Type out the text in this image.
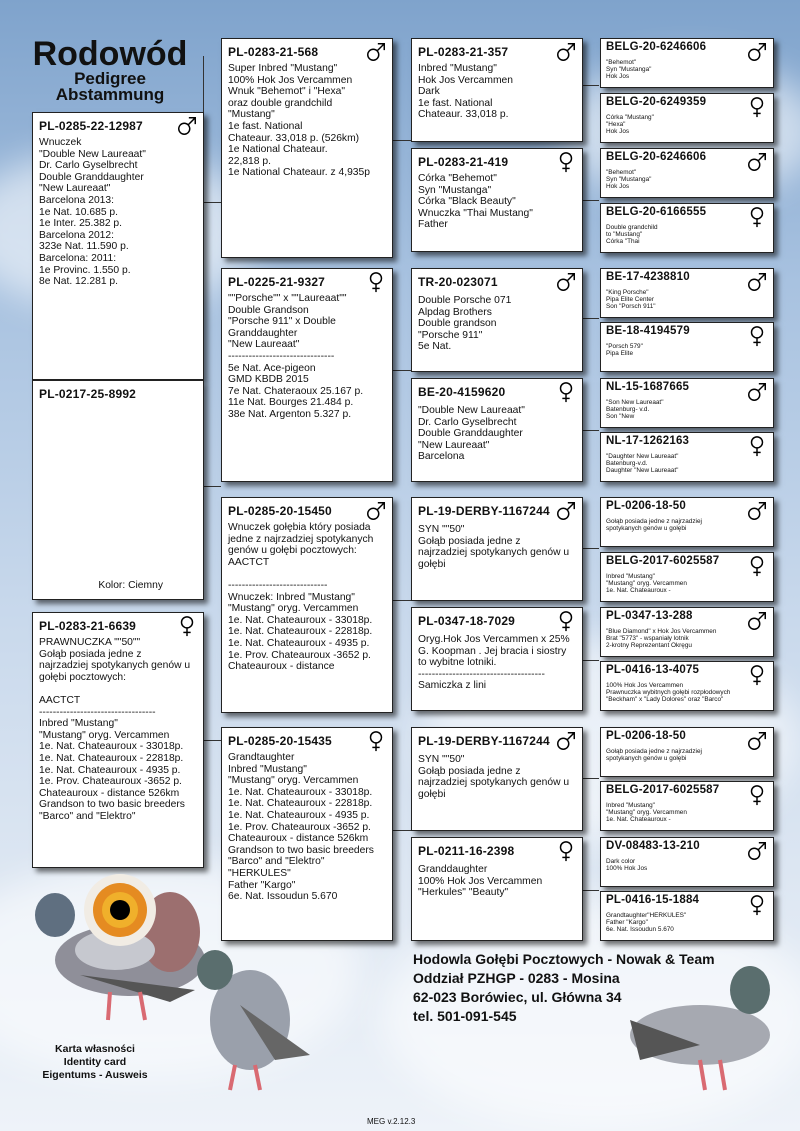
Rodowód
Pedigree
Abstammung
PL-0285-22-12987
Wnuczek
"Double New Laureaat"
Dr. Carlo Gyselbrecht
Double Granddaughter
"New Laureaat"
Barcelona 2013:
1e Nat. 10.685 p.
1e Inter. 25.382 p.
Barcelona 2012:
323e Nat. 11.590 p.
Barcelona: 2011:
1e Provinc. 1.550 p.
8e Nat. 12.281 p.
PL-0217-25-8992
Kolor: Ciemny
PL-0283-21-6639
PRAWNUCZKA ""50""
Gołąb posiada jedne z
najrzadziej spotykanych genów u
gołębi pocztowych:

AACTCT
----------------------------------
Inbred "Mustang"
"Mustang" oryg. Vercammen
1e. Nat. Chateauroux - 33018p.
1e. Nat. Chateauroux - 22818p.
1e. Nat. Chateauroux - 4935 p.
1e. Prov. Chateauroux -3652 p.
Chateauroux - distance 526km
Grandson to two basic breeders
"Barco" and "Elektro"
PL-0283-21-568
Super Inbred "Mustang"
100% Hok Jos Vercammen
Wnuk "Behemot" i "Hexa"
oraz double grandchild
"Mustang"
1e fast. National
Chateaur. 33,018 p. (526km)
1e National Chateaur.
22,818 p.
1e National Chateaur. z 4,935p
PL-0225-21-9327
""Porsche"" x ""Laureaat""
Double Grandson
"Porsche 911" x Double
Granddaughter
"New Laureaat"
-------------------------------
5e Nat. Ace-pigeon
GMD KBDB 2015
7e Nat. Chateraoux 25.167 p.
11e Nat. Bourges 21.484 p.
38e Nat. Argenton 5.327 p.
PL-0285-20-15450
Wnuczek gołębia który posiada
jedne z najrzadziej spotykanych
genów u gołębi pocztowych:
AACTCT

-----------------------------
Wnuczek: Inbred "Mustang"
"Mustang" oryg. Vercammen
1e. Nat. Chateauroux - 33018p.
1e. Nat. Chateauroux - 22818p.
1e. Nat. Chateauroux - 4935 p.
1e. Prov. Chateauroux -3652 p.
Chateauroux - distance
PL-0285-20-15435
Grandtaughter
Inbred "Mustang"
"Mustang" oryg. Vercammen
1e. Nat. Chateauroux - 33018p.
1e. Nat. Chateauroux - 22818p.
1e. Nat. Chateauroux - 4935 p.
1e. Prov. Chateauroux -3652 p.
Chateauroux - distance 526km
Grandson to two basic breeders
"Barco" and "Elektro"
"HERKULES"
Father "Kargo"
6e. Nat. Issoudun 5.670
PL-0283-21-357
Inbred "Mustang"
Hok Jos Vercammen
Dark
1e fast. National
Chateaur. 33,018 p.
PL-0283-21-419
Córka "Behemot"
Syn "Mustanga"
Córka "Black Beauty"
Wnuczka "Thai Mustang"
Father
TR-20-023071
Double Porsche 071
Alpdag Brothers
Double grandson
"Porsche 911"
5e Nat.
BE-20-4159620
"Double New Laureaat"
Dr. Carlo Gyselbrecht
Double Granddaughter
"New Laureaat"
Barcelona
PL-19-DERBY-1167244
SYN ""50"
Gołąb posiada jedne z
najrzadziej spotykanych genów u
gołębi
PL-0347-18-7029
Oryg.Hok Jos Vercammen x 25%
G. Koopman . Jej bracia i siostry
to wybitne lotniki.
-------------------------------------
Samiczka z lini
PL-19-DERBY-1167244
SYN ""50"
Gołąb posiada jedne z
najrzadziej spotykanych genów u
gołębi
PL-0211-16-2398
Granddaughter
100% Hok Jos Vercammen
"Herkules" "Beauty"
BELG-20-6246606
"Behemot"
Syn "Mustanga"
Hok Jos
BELG-20-6249359
Córka "Mustang"
"Hexa"
Hok Jos
BELG-20-6246606
"Behemot"
Syn "Mustanga"
Hok Jos
BELG-20-6166555
Double grandchild
to "Mustang"
Córka "Thai
BE-17-4238810
"King Porsche"
Pipa Elite Center
Son "Porsch 911"
BE-18-4194579
"Porsch 579"
Pipa Elite
NL-15-1687665
"Son New Laureaat"
Batenburg- v.d.
Son "New
NL-17-1262163
"Daughter New Laureaat"
Batenburg-v.d.
Daughter "New Laureaat"
PL-0206-18-50
Gołąb posiada jedne z najrzadziej
spotykanych genów u gołębi
BELG-2017-6025587
Inbred "Mustang"
"Mustang" oryg. Vercammen
1e. Nat. Chateauroux -
PL-0347-13-288
"Blue Diamond" x Hok Jos Vercammen
Brat "5773" - wspaniały lotnik
2-krotny Reprezentant Okręgu
PL-0416-13-4075
100% Hok Jos Vercammen
Prawnuczka wybitnych gołębi rozpłodowych
"Beckham" x "Lady Dolores" oraz "Barco"
PL-0206-18-50
Gołąb posiada jedne z najrzadziej
spotykanych genów u gołębi
BELG-2017-6025587
Inbred "Mustang"
"Mustang" oryg. Vercammen
1e. Nat. Chateauroux -
DV-08483-13-210
Dark color
100% Hok Jos
PL-0416-15-1884
Grandtaughter"HERKULES"
Father "Kargo"
6e. Nat. Issoudun 5.670
Hodowla Gołębi Pocztowych - Nowak & Team
Oddział PZHGP - 0283 - Mosina
62-023 Borówiec, ul. Główna 34
tel. 501-091-545
Karta własności
Identity card
Eigentums - Ausweis
MEG v.2.12.3
